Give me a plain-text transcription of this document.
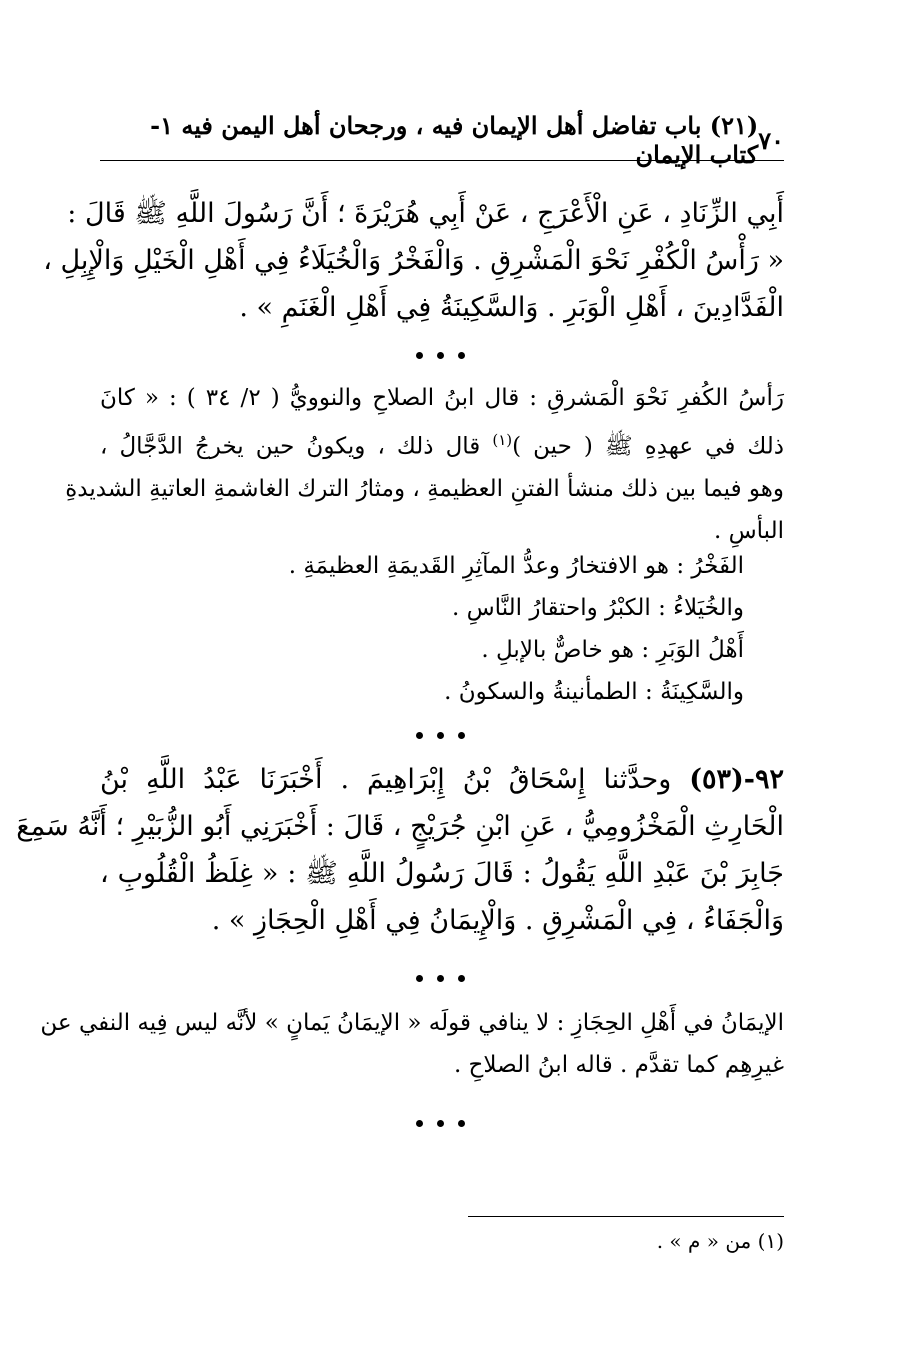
٧٠
(٢١) باب تفاضل أهل الإيمان فيه ، ورجحان أهل اليمن فيه ١- كتاب الإيمان
أَبِي الزِّنَادِ ، عَنِ الْأَعْرَجِ ، عَنْ أَبِي هُرَيْرَةَ ؛ أَنَّ رَسُولَ اللَّهِ ﷺ قَالَ :
« رَأْسُ الْكُفْرِ نَحْوَ الْمَشْرِقِ . وَالْفَخْرُ وَالْخُيَلَاءُ فِي أَهْلِ الْخَيْلِ وَالْإِبِلِ ،
الْفَدَّادِينَ ، أَهْلِ الْوَبَرِ . وَالسَّكِينَةُ فِي أَهْلِ الْغَنَمِ » .
رَأسُ الكُفرِ نَحْوَ الْمَشرقِ : قال ابنُ الصلاحِ والنوويُّ ( ٢/ ٣٤ ) : « كانَ
ذلك في عهدِهِ ﷺ ( حين )$^{(١)}$ قال ذلك ، ويكونُ حين يخرجُ الدَّجَّالُ ،
وهو فيما بين ذلك منشأ الفتنِ العظيمةِ ، ومثارُ الترك الغاشمةِ العاتيةِ الشديدةِ
البأسِ .
الفَخْرُ : هو الافتخارُ وعدُّ المآثِرِ القَديمَةِ العظيمَةِ .
والخُيَلاءُ : الكبْرُ واحتقارُ النَّاسِ .
أَهْلُ الوَبَرِ : هو خاصٌّ بالإبلِ .
والسَّكِينَةُ : الطمأنينةُ والسكونُ .
٩٢-(٥٣) وحدَّثنا إِسْحَاقُ بْنُ إِبْرَاهِيمَ . أَخْبَرَنَا عَبْدُ اللَّهِ بْنُ
الْحَارِثِ الْمَخْزُومِيُّ ، عَنِ ابْنِ جُرَيْجٍ ، قَالَ : أَخْبَرَنِي أَبُو الزُّبَيْرِ ؛ أَنَّهُ سَمِعَ
جَابِرَ بْنَ عَبْدِ اللَّهِ يَقُولُ : قَالَ رَسُولُ اللَّهِ ﷺ : « غِلَظُ الْقُلُوبِ ،
وَالْجَفَاءُ ، فِي الْمَشْرِقِ . وَالْإِيمَانُ فِي أَهْلِ الْحِجَازِ » .
الإيمَانُ في أَهْلِ الحِجَازِ : لا ينافي قولَه « الإيمَانُ يَمانٍ » لأنَّه ليس فِيه النفي عن
غيرِهِم كما تقدَّم . قاله ابنُ الصلاحِ .
(١) من « م » .
